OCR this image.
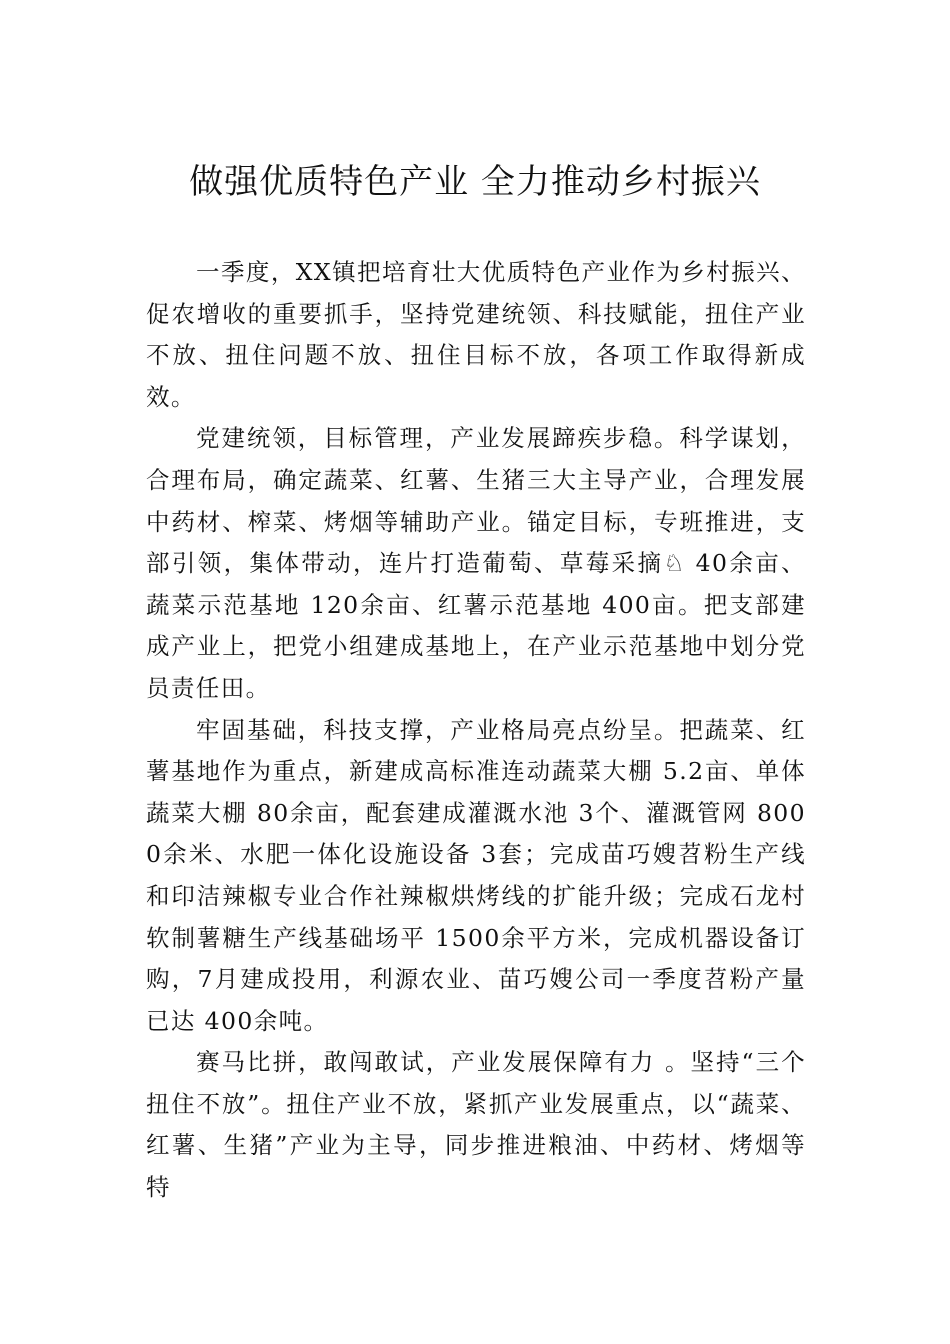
做强优质特色产业 全力推动乡村振兴

一季度，XX镇把培育壮大优质特色产业作为乡村振兴、促农增收的重要抓手，坚持党建统领、科技赋能，扭住产业不放、扭住问题不放、扭住目标不放，各项工作取得新成效。

党建统领，目标管理，产业发展蹄疾步稳。科学谋划，合理布局，确定蔬菜、红薯、生猪三大主导产业，合理发展中药材、榨菜、烤烟等辅助产业。锚定目标，专班推进，支部引领，集体带动，连片打造葡萄、草莓采摘♘ 40余亩、蔬菜示范基地 120余亩、红薯示范基地 400亩。把支部建成产业上，把党小组建成基地上，在产业示范基地中划分党员责任田。

牢固基础，科技支撑，产业格局亮点纷呈。把蔬菜、红薯基地作为重点，新建成高标准连动蔬菜大棚 5.2亩、单体蔬菜大棚 80余亩，配套建成灌溉水池 3个、灌溉管网 8000余米、水肥一体化设施设备 3套；完成苗巧嫂苕粉生产线和印洁辣椒专业合作社辣椒烘烤线的扩能升级；完成石龙村软制薯糖生产线基础场平 1500余平方米，完成机器设备订购，7月建成投用，利源农业、苗巧嫂公司一季度苕粉产量已达 400余吨。

赛马比拼，敢闯敢试，产业发展保障有力 。坚持“三个扭住不放”。扭住产业不放，紧抓产业发展重点，以“蔬菜、红薯、生猪”产业为主导，同步推进粮油、中药材、烤烟等特
